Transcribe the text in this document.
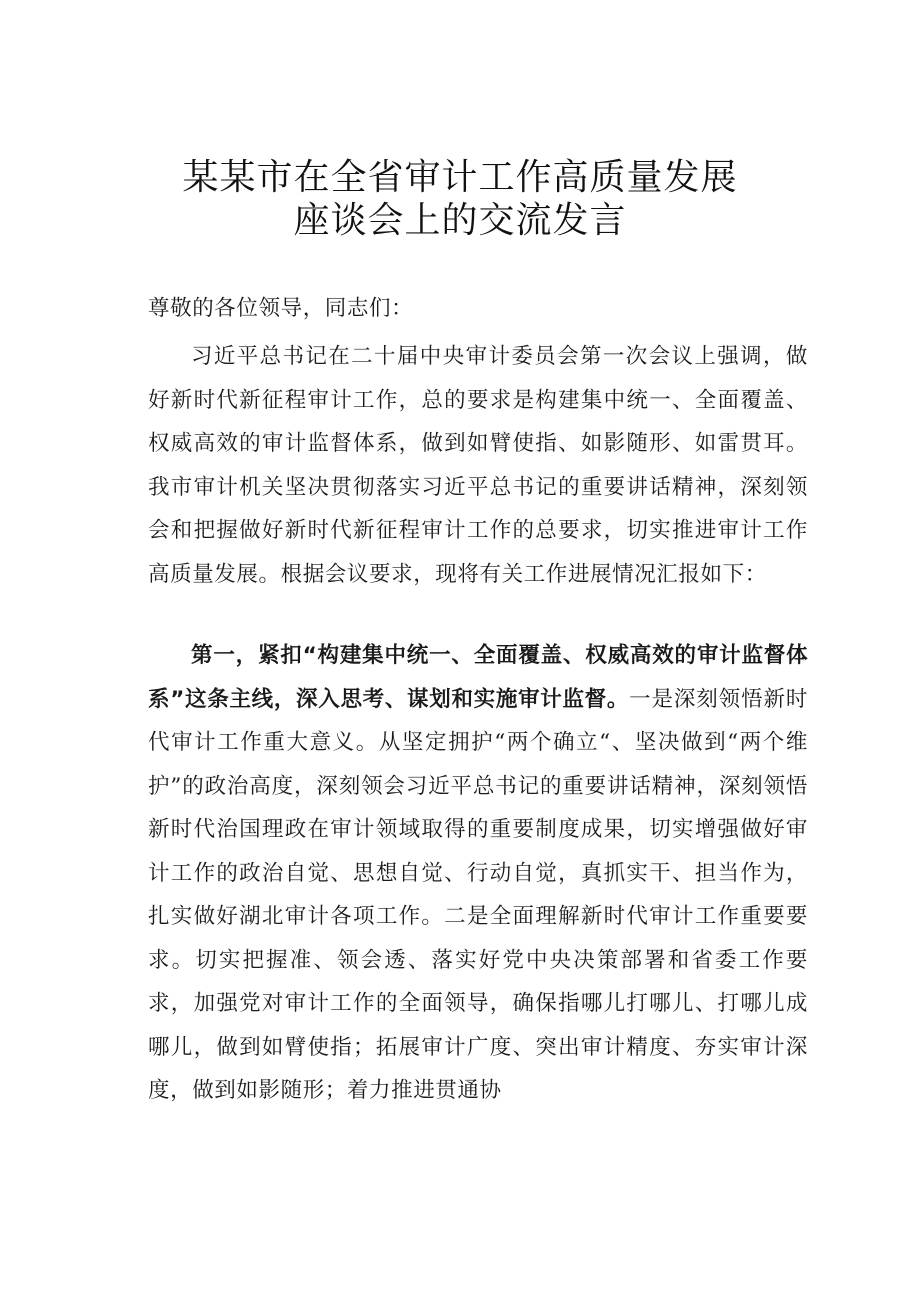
某某市在全省审计工作高质量发展
座谈会上的交流发言
尊敬的各位领导，同志们：

习近平总书记在二十届中央审计委员会第一次会议上强调，做好新时代新征程审计工作，总的要求是构建集中统一、全面覆盖、权威高效的审计监督体系，做到如臂使指、如影随形、如雷贯耳。我市审计机关坚决贯彻落实习近平总书记的重要讲话精神，深刻领会和把握做好新时代新征程审计工作的总要求，切实推进审计工作高质量发展。根据会议要求，现将有关工作进展情况汇报如下：

第一，紧扣“构建集中统一、全面覆盖、权威高效的审计监督体系”这条主线，深入思考、谋划和实施审计监督。一是深刻领悟新时代审计工作重大意义。从坚定拥护“两个确立“、坚决做到“两个维护”的政治高度，深刻领会习近平总书记的重要讲话精神，深刻领悟新时代治国理政在审计领域取得的重要制度成果，切实增强做好审计工作的政治自觉、思想自觉、行动自觉，真抓实干、担当作为，扎实做好湖北审计各项工作。二是全面理解新时代审计工作重要要求。切实把握准、领会透、落实好党中央决策部署和省委工作要求，加强党对审计工作的全面领导，确保指哪儿打哪儿、打哪儿成哪儿，做到如臂使指；拓展审计广度、突出审计精度、夯实审计深度，做到如影随形；着力推进贯通协
